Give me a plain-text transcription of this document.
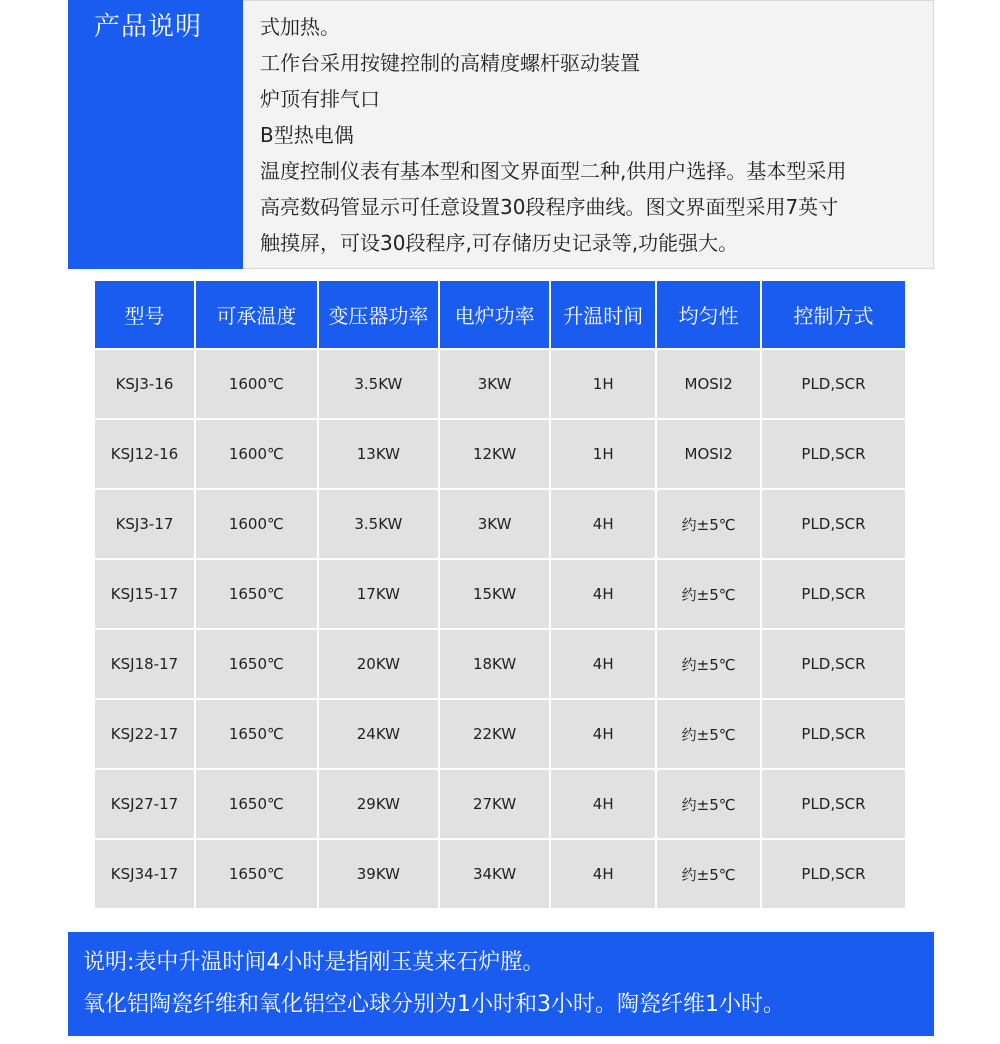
产品说明	式加热。
工作台采用按键控制的高精度螺杆驱动装置
炉顶有排气口
B型热电偶
温度控制仪表有基本型和图文界面型二种,供用户选择。基本型采用
高亮数码管显示可任意设置30段程序曲线。图文界面型采用7英寸
触摸屏，可设30段程序,可存储历史记录等,功能强大。
型号	可承温度	变压器功率	电炉功率	升温时间	均匀性	控制方式
KSJ3-16	1600℃	3.5KW	3KW	1H	MOSI2	PLD,SCR
KSJ12-16	1600℃	13KW	12KW	1H	MOSI2	PLD,SCR
KSJ3-17	1600℃	3.5KW	3KW	4H	约±5℃	PLD,SCR
KSJ15-17	1650℃	17KW	15KW	4H	约±5℃	PLD,SCR
KSJ18-17	1650℃	20KW	18KW	4H	约±5℃	PLD,SCR
KSJ22-17	1650℃	24KW	22KW	4H	约±5℃	PLD,SCR
KSJ27-17	1650℃	29KW	27KW	4H	约±5℃	PLD,SCR
KSJ34-17	1650℃	39KW	34KW	4H	约±5℃	PLD,SCR
说明:表中升温时间4小时是指刚玉莫来石炉膛。
氧化铝陶瓷纤维和氧化铝空心球分别为1小时和3小时。陶瓷纤维1小时。
